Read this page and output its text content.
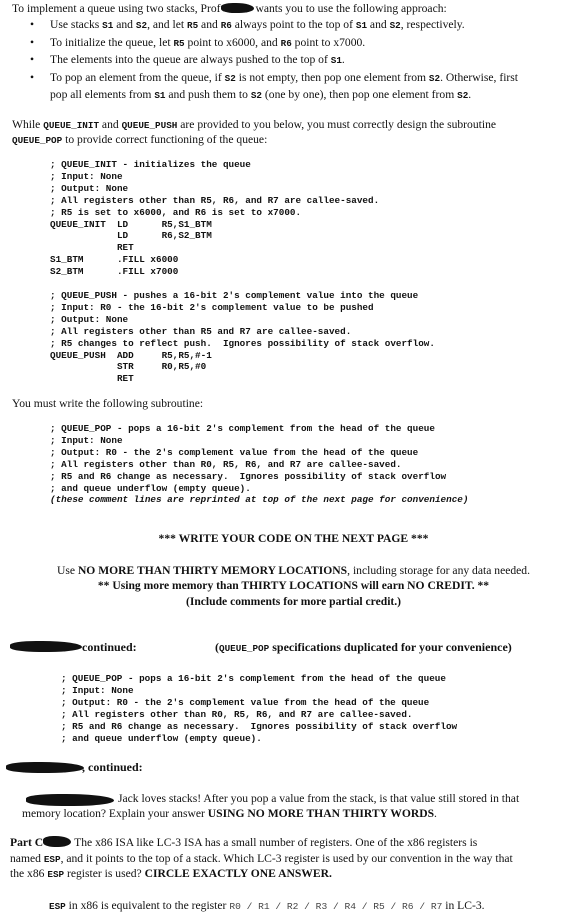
To implement a queue using two stacks, Prof	wants you to use the following approach:
• Use stacks S1 and S2, and let R5 and R6 always point to the top of S1 and S2, respectively.
• To initialize the queue, let R5 point to x6000, and R6 point to x7000.
• The elements into the queue are always pushed to the top of S1.
• To pop an element from the queue, if S2 is not empty, then pop one element from S2. Otherwise, first
pop all elements from S1 and push them to S2 (one by one), then pop one element from S2.
While QUEUE_INIT and QUEUE_PUSH are provided to you below, you must correctly design the subroutine
QUEUE_POP to provide correct functioning of the queue:
; QUEUE_INIT - initializes the queue
; Input: None
; Output: None
; All registers other than R5, R6, and R7 are callee-saved.
; R5 is set to x6000, and R6 is set to x7000.
QUEUE_INIT  LD      R5,S1_BTM
LD      R6,S2_BTM
RET
S1_BTM      .FILL x6000
S2_BTM      .FILL x7000
; QUEUE_PUSH - pushes a 16-bit 2's complement value into the queue
; Input: R0 - the 16-bit 2's complement value to be pushed
; Output: None
; All registers other than R5 and R7 are callee-saved.
; R5 changes to reflect push.  Ignores possibility of stack overflow.
QUEUE_PUSH  ADD     R5,R5,#-1
STR     R0,R5,#0
RET
You must write the following subroutine:
; QUEUE_POP - pops a 16-bit 2's complement from the head of the queue
; Input: None
; Output: R0 - the 2's complement value from the head of the queue
; All registers other than R0, R5, R6, and R7 are callee-saved.
; R5 and R6 change as necessary.  Ignores possibility of stack overflow
; and queue underflow (empty queue).
(these comment lines are reprinted at top of the next page for convenience)
*** WRITE YOUR CODE ON THE NEXT PAGE ***
Use NO MORE THAN THIRTY MEMORY LOCATIONS, including storage for any data needed.
** Using more memory than THIRTY LOCATIONS will earn NO CREDIT. **
(Include comments for more partial credit.)
continued:	(QUEUE_POP specifications duplicated for your convenience)
; QUEUE_POP - pops a 16-bit 2's complement from the head of the queue
; Input: None
; Output: R0 - the 2's complement value from the head of the queue
; All registers other than R0, R5, R6, and R7 are callee-saved.
; R5 and R6 change as necessary.  Ignores possibility of stack overflow
; and queue underflow (empty queue).
, continued:
Jack loves stacks! After you pop a value from the stack, is that value still stored in that
memory location? Explain your answer USING NO MORE THAN THIRTY WORDS.
Part C	The x86 ISA like LC-3 ISA has a small number of registers. One of the x86 registers is
named ESP, and it points to the top of a stack. Which LC-3 register is used by our convention in the way that
the x86 ESP register is used? CIRCLE EXACTLY ONE ANSWER.
ESP in x86 is equivalent to the register R0 / R1 / R2 / R3 / R4 / R5 / R6 / R7 in LC-3.
